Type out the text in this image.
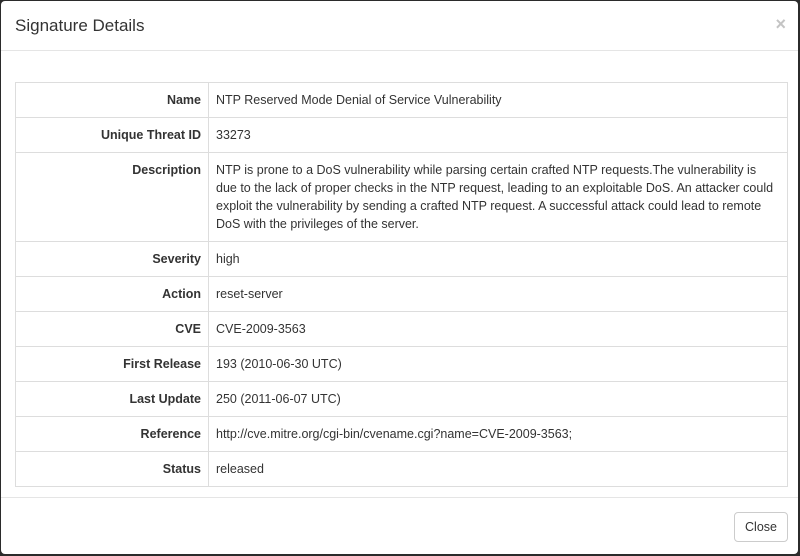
Signature Details	×
Name	NTP Reserved Mode Denial of Service Vulnerability
Unique Threat ID	33273
Description	NTP is prone to a DoS vulnerability while parsing certain crafted NTP requests.The vulnerability is due to the lack of proper checks in the NTP request, leading to an exploitable DoS. An attacker could exploit the vulnerability by sending a crafted NTP request. A successful attack could lead to remote DoS with the privileges of the server.
Severity	high
Action	reset-server
CVE	CVE-2009-3563
First Release	193 (2010-06-30 UTC)
Last Update	250 (2011-06-07 UTC)
Reference	http://cve.mitre.org/cgi-bin/cvename.cgi?name=CVE-2009-3563;
Status	released
Close
